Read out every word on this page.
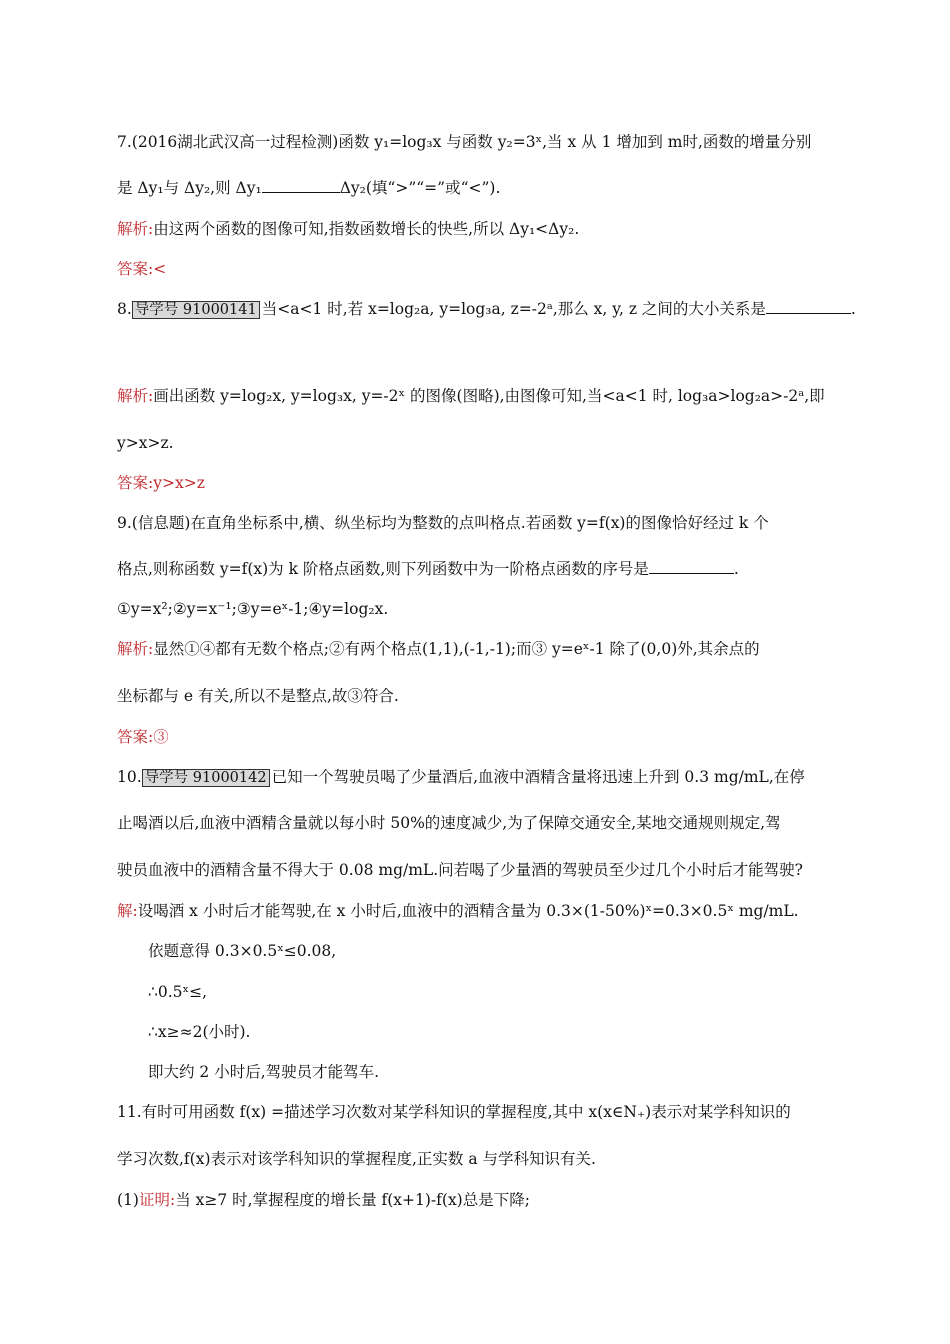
7.(2016湖北武汉高一过程检测)函数 y₁=log₃x 与函数 y₂=3ˣ,当 x 从 1 增加到 m时,函数的增量分别
是 Δy₁与 Δy₂,则 Δy₁	Δy₂(填“>”“=”或“<”).
解析:由这两个函数的图像可知,指数函数增长的快些,所以 Δy₁<Δy₂.
答案:<
8. 导学号 91000141 当<a<1 时,若 x=log₂a, y=log₃a, z=-2ᵃ,那么 x, y, z 之间的大小关系是	.
解析:画出函数 y=log₂x, y=log₃x, y=-2ˣ 的图像(图略),由图像可知,当<a<1 时, log₃a>log₂a>-2ᵃ,即
y>x>z.
答案:y>x>z
9.(信息题)在直角坐标系中,横、纵坐标均为整数的点叫格点.若函数 y=f(x)的图像恰好经过 k 个
格点,则称函数 y=f(x)为 k 阶格点函数,则下列函数中为一阶格点函数的序号是	.
①y=x²;②y=x⁻¹;③y=eˣ-1;④y=log₂x.
解析:显然①④都有无数个格点;②有两个格点(1,1),(-1,-1);而③ y=eˣ-1 除了(0,0)外,其余点的
坐标都与 e 有关,所以不是整点,故③符合.
答案:③
10. 导学号 91000142 已知一个驾驶员喝了少量酒后,血液中酒精含量将迅速上升到 0.3 mg/mL,在停
止喝酒以后,血液中酒精含量就以每小时 50%的速度减少,为了保障交通安全,某地交通规则规定,驾
驶员血液中的酒精含量不得大于 0.08 mg/mL.问若喝了少量酒的驾驶员至少过几个小时后才能驾驶?
解:设喝酒 x 小时后才能驾驶,在 x 小时后,血液中的酒精含量为 0.3×(1-50%)ˣ=0.3×0.5ˣ mg/mL.
依题意得 0.3×0.5ˣ≤0.08,
∴0.5ˣ≤,
∴x≥≈2(小时).
即大约 2 小时后,驾驶员才能驾车.
11.有时可用函数 f(x) =描述学习次数对某学科知识的掌握程度,其中 x(x∈N₊)表示对某学科知识的
学习次数,f(x)表示对该学科知识的掌握程度,正实数 a 与学科知识有关.
(1)证明:当 x≥7 时,掌握程度的增长量 f(x+1)-f(x)总是下降;
